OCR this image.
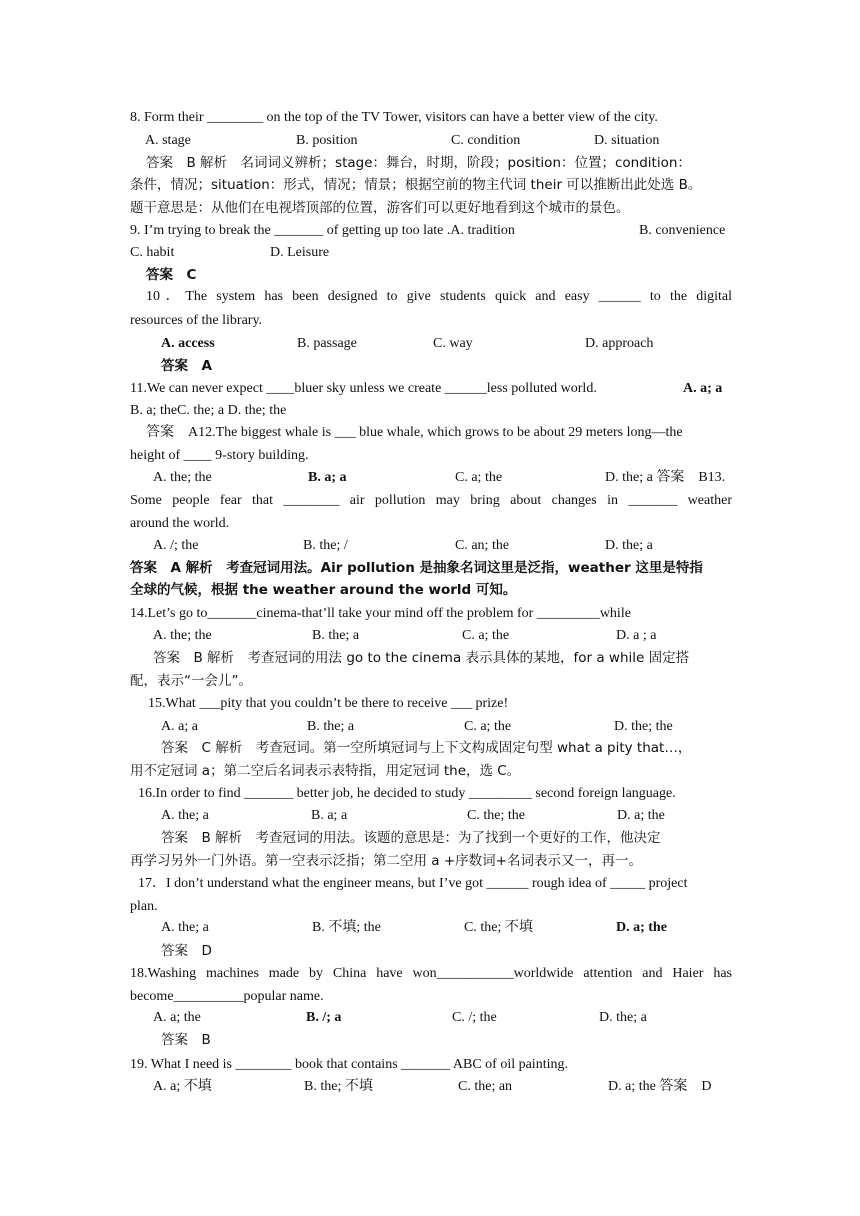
8. Form their ________ on the top of the TV Tower, visitors can have a better view of the city.
A. stage	B. position	C. condition	D. situation
答案　B 解析　名词词义辨析；stage：舞台，时期，阶段；position：位置；condition：
条件，情况；situation：形式，情况；情景；根据空前的物主代词 their 可以推断出此处选 B。
题干意思是：从他们在电视塔顶部的位置，游客们可以更好地看到这个城市的景色。
9. I’m trying to break the _______ of getting up too late .A. tradition	B. convenience
C. habit	D. Leisure
答案　C
10．The system has been designed to give students quick and easy ______ to the digital
resources of the library.
A. access	B. passage	C. way	D. approach
答案　A
11.We can never expect ____bluer sky unless we create ______less polluted world.	A. a; a
B. a; theC. the; a D. the; the
答案　A12.The biggest whale is ___ blue whale, which grows to be about 29 meters long—the
height of ____ 9-story building.
A. the; the	B. a; a	C. a; the	D. the; a 答案　B13.
Some people fear that ________ air pollution may bring about changes in _______ weather
around the world.
A. /; the	B. the; /	C. an; the	D. the; a
答案　A 解析　考查冠词用法。Air pollution 是抽象名词这里是泛指，weather 这里是特指
全球的气候，根据 the weather around the world 可知。
14.Let’s go to_______cinema-that’ll take your mind off the problem for _________while
A. the; the	B. the; a	C. a; the	D. a ; a
答案　B 解析　考查冠词的用法 go to the cinema 表示具体的某地，for a while 固定搭
配，表示“一会儿”。
15.What ___pity that you couldn’t be there to receive ___ prize!
A. a; a	B. the; a	C. a; the	D. the; the
答案　C 解析　考查冠词。第一空所填冠词与上下文构成固定句型 what a pity that…，
用不定冠词 a；第二空后名词表示表特指，用定冠词 the，选 C。
16.In order to find _______ better job, he decided to study _________ second foreign language.
A. the; a	B. a; a	C. the; the	D. a; the
答案　B 解析　考查冠词的用法。该题的意思是：为了找到一个更好的工作，他决定
再学习另外一门外语。第一空表示泛指；第二空用 a +序数词+名词表示又一，再一。
17．I don’t understand what the engineer means, but I’ve got ______ rough idea of _____ project
plan.
A. the; a	B. 不填; the	C. the; 不填	D. a; the
答案　D
18.Washing machines made by China have won___________worldwide attention and Haier has
become__________popular name.
A. a; the	B. /; a	C. /; the	D. the; a
答案　B
19. What I need is ________ book that contains _______ ABC of oil painting.
A. a; 不填	B. the; 不填	C. the; an	D. a; the 答案　D
